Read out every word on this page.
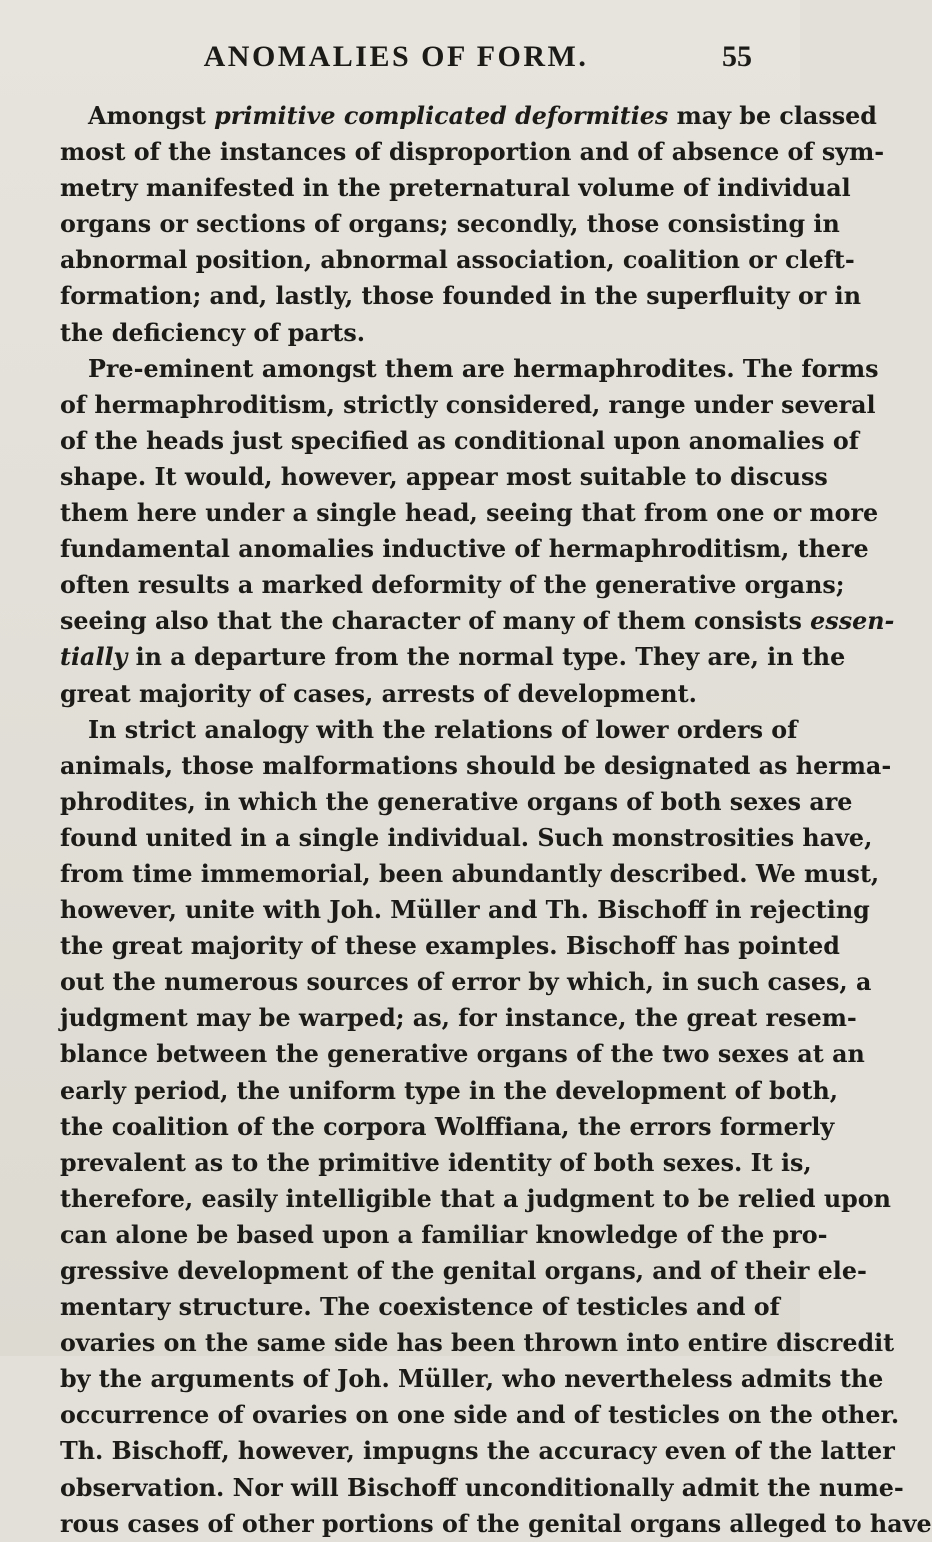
ANOMALIES OF FORM.	55
Amongst primitive complicated deformities may be classed
most of the instances of disproportion and of absence of sym-
metry manifested in the preternatural volume of individual
organs or sections of organs; secondly, those consisting in
abnormal position, abnormal association, coalition or cleft-
formation; and, lastly, those founded in the superfluity or in
the deficiency of parts.
Pre-eminent amongst them are hermaphrodites. The forms
of hermaphroditism, strictly considered, range under several
of the heads just specified as conditional upon anomalies of
shape. It would, however, appear most suitable to discuss
them here under a single head, seeing that from one or more
fundamental anomalies inductive of hermaphroditism, there
often results a marked deformity of the generative organs;
seeing also that the character of many of them consists essen-
tially in a departure from the normal type. They are, in the
great majority of cases, arrests of development.
In strict analogy with the relations of lower orders of
animals, those malformations should be designated as herma-
phrodites, in which the generative organs of both sexes are
found united in a single individual. Such monstrosities have,
from time immemorial, been abundantly described. We must,
however, unite with Joh. Müller and Th. Bischoff in rejecting
the great majority of these examples. Bischoff has pointed
out the numerous sources of error by which, in such cases, a
judgment may be warped; as, for instance, the great resem-
blance between the generative organs of the two sexes at an
early period, the uniform type in the development of both,
the coalition of the corpora Wolffiana, the errors formerly
prevalent as to the primitive identity of both sexes. It is,
therefore, easily intelligible that a judgment to be relied upon
can alone be based upon a familiar knowledge of the pro-
gressive development of the genital organs, and of their ele-
mentary structure. The coexistence of testicles and of
ovaries on the same side has been thrown into entire discredit
by the arguments of Joh. Müller, who nevertheless admits the
occurrence of ovaries on one side and of testicles on the other.
Th. Bischoff, however, impugns the accuracy even of the latter
observation. Nor will Bischoff unconditionally admit the nume-
rous cases of other portions of the genital organs alleged to have
